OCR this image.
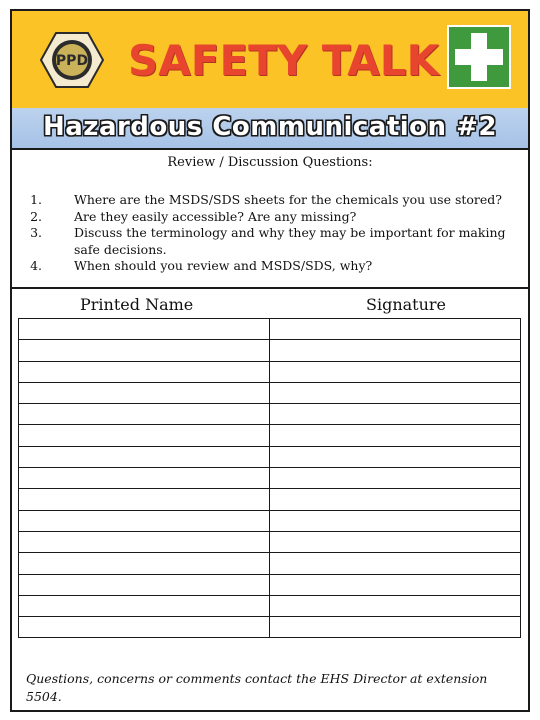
PPD SAFETY TALK
Hazardous Communication #2
Review / Discussion Questions:
1.	Where are the MSDS/SDS sheets for the chemicals you use stored?
2.	Are they easily accessible? Are any missing?
3.	Discuss the terminology and why they may be important for making safe decisions.
4.	When should you review and MSDS/SDS, why?
Printed Name	Signature

Questions, concerns or comments contact the EHS Director at extension 5504.
